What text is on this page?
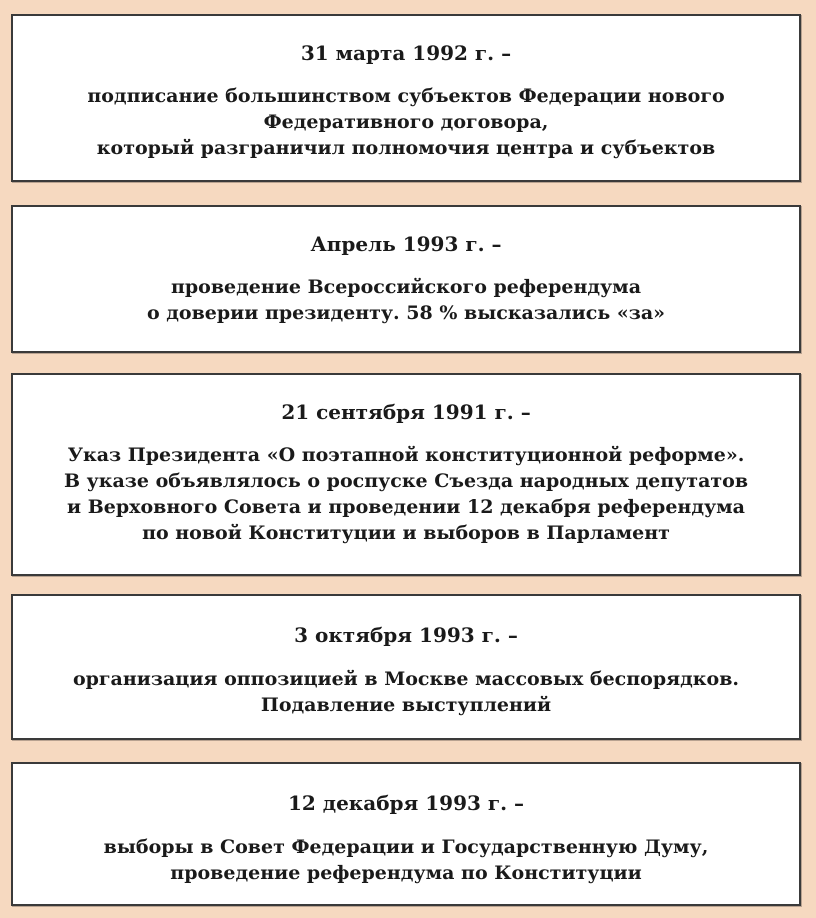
31 марта 1992 г. –

подписание большинством субъектов Федерации нового
Федеративного договора,
который разграничил полномочия центра и субъектов

Апрель 1993 г. –

проведение Всероссийского референдума
о доверии президенту. 58 % высказались «за»

21 сентября 1991 г. –

Указ Президента «О поэтапной конституционной реформе».
В указе объявлялось о роспуске Съезда народных депутатов
и Верховного Совета и проведении 12 декабря референдума
по новой Конституции и выборов в Парламент

3 октября 1993 г. –

организация оппозицией в Москве массовых беспорядков.
Подавление выступлений

12 декабря 1993 г. –

выборы в Совет Федерации и Государственную Думу,
проведение референдума по Конституции
